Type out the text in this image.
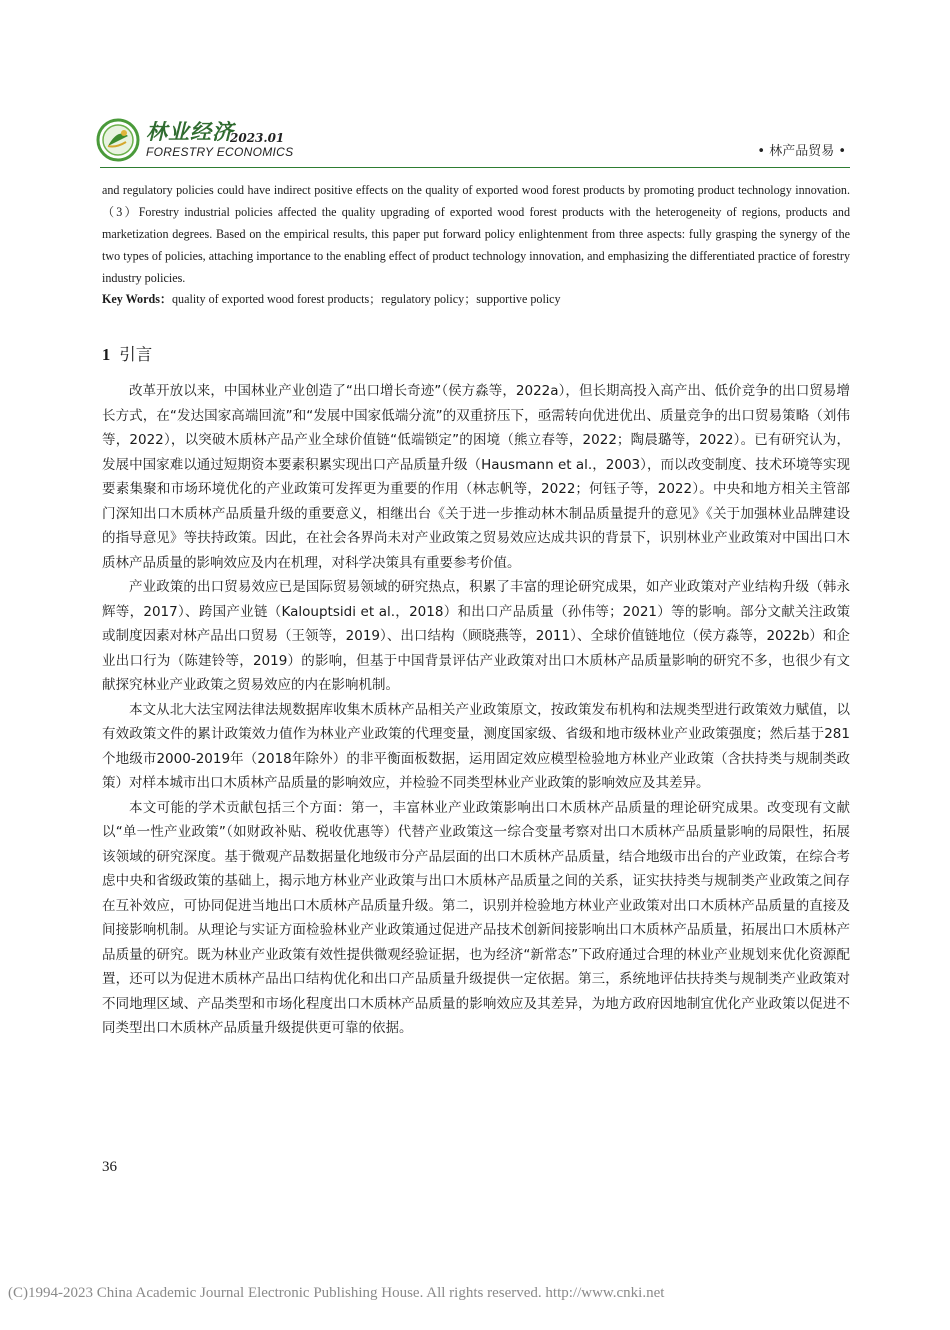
林业经济
2023.01
FORESTRY ECONOMICS	• 林产品贸易 •

and regulatory policies could have indirect positive effects on the quality of exported wood forest products by promoting product technology innovation.（3）Forestry industrial policies affected the quality upgrading of exported wood forest products with the heterogeneity of regions, products and marketization degrees. Based on the empirical results, this paper put forward policy enlightenment from three aspects: fully grasping the synergy of the two types of policies, attaching importance to the enabling effect of product technology innovation, and emphasizing the differentiated practice of forestry industry policies.

Key Words：quality of exported wood forest products；regulatory policy；supportive policy

1 引言

改革开放以来，中国林业产业创造了“出口增长奇迹”（侯方淼等，2022a），但长期高投入高产出、低价竞争的出口贸易增长方式，在“发达国家高端回流”和“发展中国家低端分流”的双重挤压下，亟需转向优进优出、质量竞争的出口贸易策略（刘伟等，2022），以突破木质林产品产业全球价值链“低端锁定”的困境（熊立春等，2022；陶晨璐等，2022）。已有研究认为，发展中国家难以通过短期资本要素积累实现出口产品质量升级（Hausmann et al.，2003），而以改变制度、技术环境等实现要素集聚和市场环境优化的产业政策可发挥更为重要的作用（林志帆等，2022；何钰子等，2022）。中央和地方相关主管部门深知出口木质林产品质量升级的重要意义，相继出台《关于进一步推动林木制品质量提升的意见》《关于加强林业品牌建设的指导意见》等扶持政策。因此，在社会各界尚未对产业政策之贸易效应达成共识的背景下，识别林业产业政策对中国出口木质林产品质量的影响效应及内在机理，对科学决策具有重要参考价值。

产业政策的出口贸易效应已是国际贸易领域的研究热点，积累了丰富的理论研究成果，如产业政策对产业结构升级（韩永辉等，2017）、跨国产业链（Kalouptsidi et al.，2018）和出口产品质量（孙伟等；2021）等的影响。部分文献关注政策或制度因素对林产品出口贸易（王领等，2019）、出口结构（顾晓燕等，2011）、全球价值链地位（侯方淼等，2022b）和企业出口行为（陈建铃等，2019）的影响，但基于中国背景评估产业政策对出口木质林产品质量影响的研究不多，也很少有文献探究林业产业政策之贸易效应的内在影响机制。

本文从北大法宝网法律法规数据库收集木质林产品相关产业政策原文，按政策发布机构和法规类型进行政策效力赋值，以有效政策文件的累计政策效力值作为林业产业政策的代理变量，测度国家级、省级和地市级林业产业政策强度；然后基于281个地级市2000-2019年（2018年除外）的非平衡面板数据，运用固定效应模型检验地方林业产业政策（含扶持类与规制类政策）对样本城市出口木质林产品质量的影响效应，并检验不同类型林业产业政策的影响效应及其差异。

本文可能的学术贡献包括三个方面：第一，丰富林业产业政策影响出口木质林产品质量的理论研究成果。改变现有文献以“单一性产业政策”（如财政补贴、税收优惠等）代替产业政策这一综合变量考察对出口木质林产品质量影响的局限性，拓展该领域的研究深度。基于微观产品数据量化地级市分产品层面的出口木质林产品质量，结合地级市出台的产业政策，在综合考虑中央和省级政策的基础上，揭示地方林业产业政策与出口木质林产品质量之间的关系，证实扶持类与规制类产业政策之间存在互补效应，可协同促进当地出口木质林产品质量升级。第二，识别并检验地方林业产业政策对出口木质林产品质量的直接及间接影响机制。从理论与实证方面检验林业产业政策通过促进产品技术创新间接影响出口木质林产品质量，拓展出口木质林产品质量的研究。既为林业产业政策有效性提供微观经验证据，也为经济“新常态”下政府通过合理的林业产业规划来优化资源配置，还可以为促进木质林产品出口结构优化和出口产品质量升级提供一定依据。第三，系统地评估扶持类与规制类产业政策对不同地理区域、产品类型和市场化程度出口木质林产品质量的影响效应及其差异，为地方政府因地制宜优化产业政策以促进不同类型出口木质林产品质量升级提供更可靠的依据。

36
(C)1994-2023 China Academic Journal Electronic Publishing House. All rights reserved. http://www.cnki.net
